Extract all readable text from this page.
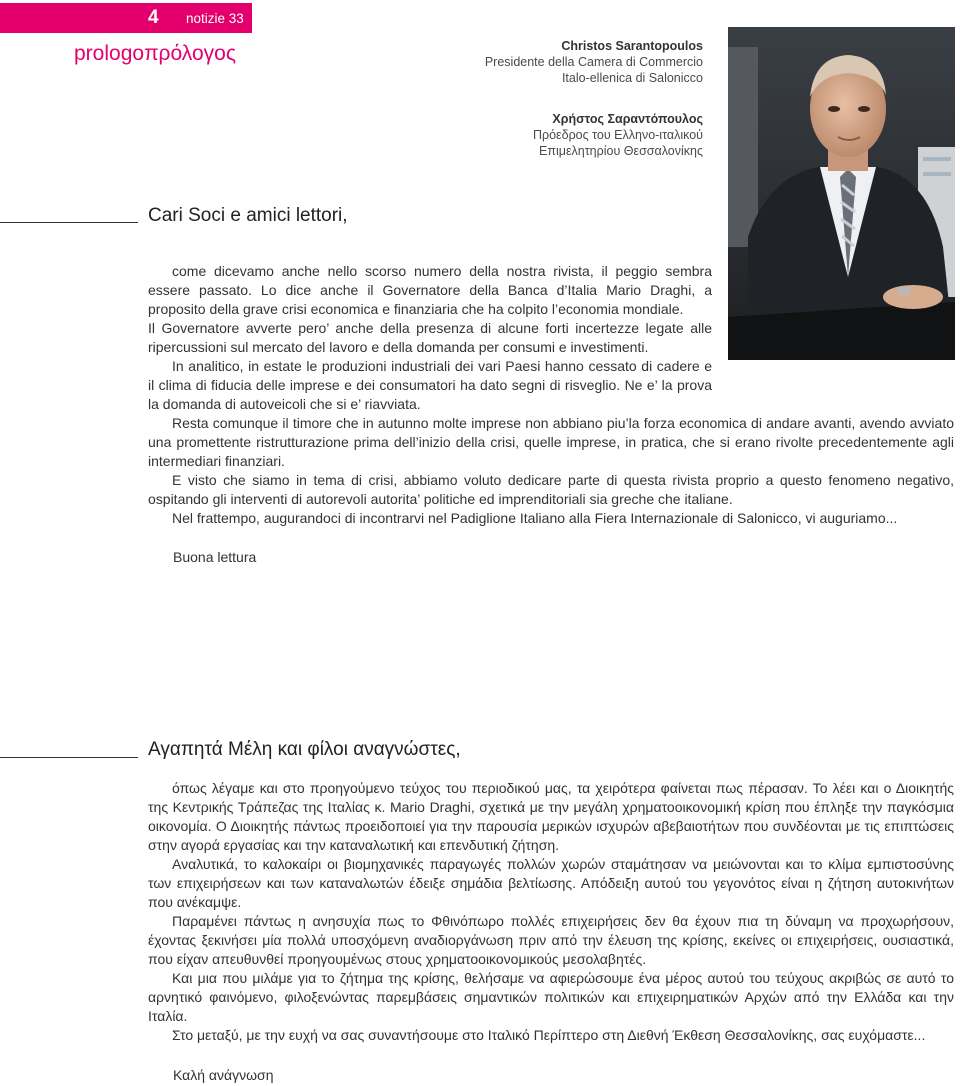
4 notizie 33
prologoπρόλογος	Christos Sarantopoulos
Presidente della Camera di Commercio
Italo-ellenica di Salonicco
Χρήστος Σαραντόπουλος
Πρόεδρος του Ελληνο-ιταλικού
Επιμελητηρίου Θεσσαλονίκης
Cari Soci e amici lettori,

come dicevamo anche nello scorso numero della nostra rivista, il peggio sembra essere passato. Lo dice anche il Governatore della Banca d’Italia Mario Draghi, a proposito della grave crisi economica e finanziaria che ha colpito l’economia mondiale.

Il Governatore avverte pero’ anche della presenza di alcune forti incertezze legate alle ripercussioni sul mercato del lavoro e della domanda per consumi e investimenti.

In analitico, in estate le produzioni industriali dei vari Paesi hanno cessato di cadere e il clima di fiducia delle imprese e dei consumatori ha dato segni di risveglio. Ne e’ la prova la domanda di autoveicoli che si e’ riavviata.

Resta comunque il timore che in autunno molte imprese non abbiano piu’la forza economica di andare avanti, avendo avviato una promettente ristrutturazione prima dell’inizio della crisi, quelle imprese, in pratica, che si erano rivolte precedentemente agli intermediari finanziari.

E visto che siamo in tema di crisi, abbiamo voluto dedicare parte di questa rivista proprio a questo fenomeno negativo, ospitando gli interventi di autorevoli autorita’ politiche ed imprenditoriali sia greche che italiane.

Nel frattempo, augurandoci di incontrarvi nel Padiglione Italiano alla Fiera Internazionale di Salonicco, vi auguriamo...

Buona lettura
Αγαπητά Μέλη και φίλοι αναγνώστες,

όπως λέγαμε και στο προηγούμενο τεύχος του περιοδικού μας, τα χειρότερα φαίνεται πως πέρασαν. Το λέει και ο Διοικητής της Κεντρικής Τράπεζας της Ιταλίας κ. Mario Draghi, σχετικά με την μεγάλη χρηματοοικονομική κρίση που έπληξε την παγκόσμια οικονομία. Ο Διοικητής πάντως προειδοποιεί για την παρουσία μερικών ισχυρών αβεβαιοτήτων που συνδέονται με τις επιπτώσεις στην αγορά εργασίας και την καταναλωτική και επενδυτική ζήτηση.

Αναλυτικά, το καλοκαίρι οι βιομηχανικές παραγωγές πολλών χωρών σταμάτησαν να μειώνονται και το κλίμα εμπιστοσύνης των επιχειρήσεων και των καταναλωτών έδειξε σημάδια βελτίωσης. Απόδειξη αυτού του γεγονότος είναι η ζήτηση αυτοκινήτων που ανέκαμψε.

Παραμένει πάντως η ανησυχία πως το Φθινόπωρο πολλές επιχειρήσεις δεν θα έχουν πια τη δύναμη να προχωρήσουν, έχοντας ξεκινήσει μία πολλά υποσχόμενη αναδιοργάνωση πριν από την έλευση της κρίσης, εκείνες οι επιχειρήσεις, ουσιαστικά, που είχαν απευθυνθεί προηγουμένως στους χρηματοοικονομικούς μεσολαβητές.

Και μια που μιλάμε για το ζήτημα της κρίσης, θελήσαμε να αφιερώσουμε ένα μέρος αυτού του τεύχους ακριβώς σε αυτό το αρνητικό φαινόμενο, φιλοξενώντας παρεμβάσεις σημαντικών πολιτικών και επιχειρηματικών Αρχών από την Ελλάδα και την Ιταλία.

Στο μεταξύ, με την ευχή να σας συναντήσουμε στο Ιταλικό Περίπτερο στη Διεθνή Έκθεση Θεσσαλονίκης, σας ευχόμαστε...

Καλή ανάγνωση
